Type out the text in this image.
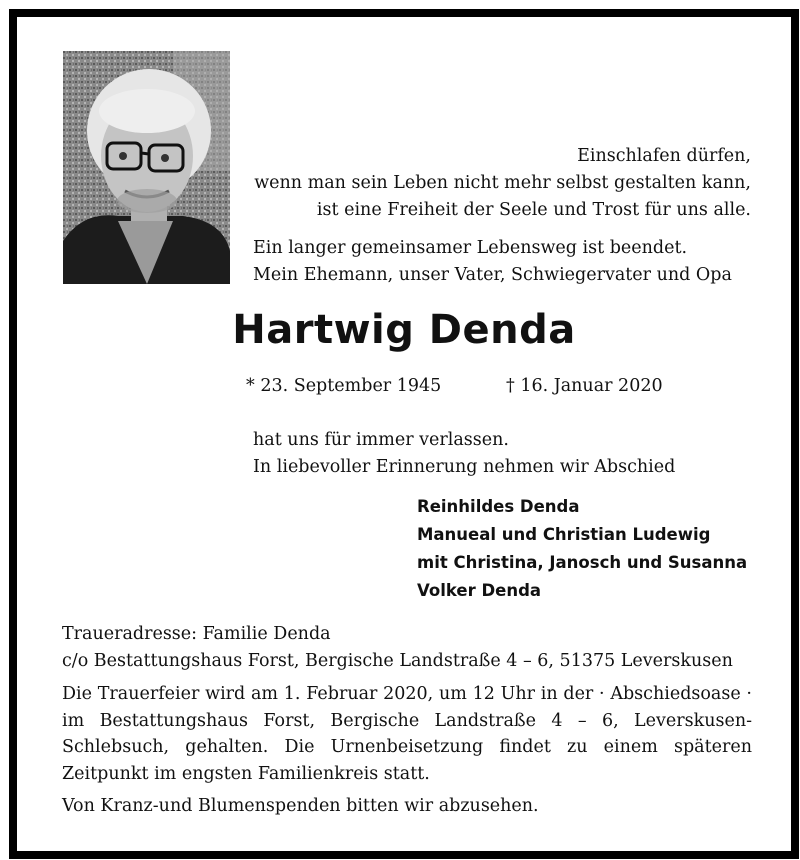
Einschlafen dürfen,
wenn man sein Leben nicht mehr selbst gestalten kann,
ist eine Freiheit der Seele und Trost für uns alle.
Ein langer gemeinsamer Lebensweg ist beendet.
Mein Ehemann, unser Vater, Schwiegervater und Opa
Hartwig Denda
* 23. September 1945	† 16. Januar 2020
hat uns für immer verlassen.
In liebevoller Erinnerung nehmen wir Abschied
Reinhildes Denda
Manueal und Christian Ludewig
mit Christina, Janosch und Susanna
Volker Denda
Traueradresse: Familie Denda
c/o Bestattungshaus Forst, Bergische Landstraße 4 – 6, 51375 Leverskusen
Die Trauerfeier wird am 1. Februar 2020, um 12 Uhr in der · Abschiedsoase · im Bestattungshaus Forst, Bergische Landstraße 4 – 6, Leverskusen-Schlebsuch, gehalten. Die Urnenbeisetzung findet zu einem späteren Zeitpunkt im engsten Familienkreis statt.
Von Kranz-und Blumenspenden bitten wir abzusehen.
